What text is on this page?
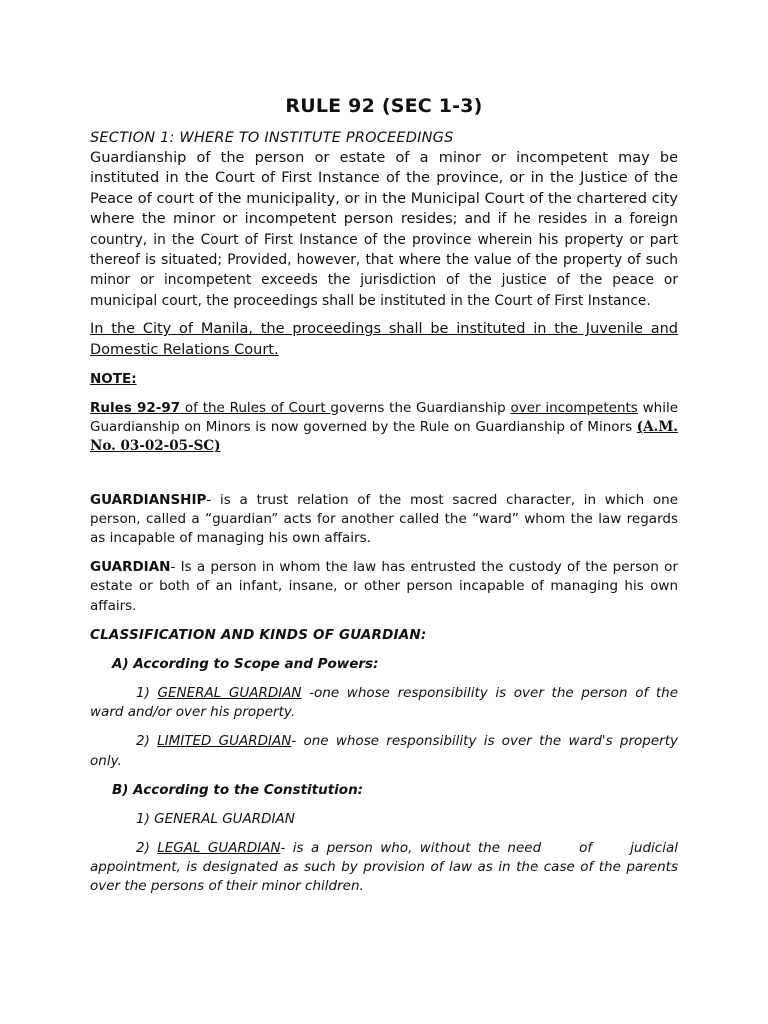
RULE 92 (SEC 1-3)

SECTION 1: WHERE TO INSTITUTE PROCEEDINGS

Guardianship of the person or estate of a minor or incompetent may be instituted in the Court of First Instance of the province, or in the Justice of the Peace of court of the municipality, or in the Municipal Court of the chartered city where the minor or incompetent person resides; and if he resides in a foreign country, in the Court of First Instance of the province wherein his property or part thereof is situated; Provided, however, that where the value of the property of such minor or incompetent exceeds the jurisdiction of the justice of the peace or municipal court, the proceedings shall be instituted in the Court of First Instance.

In the City of Manila, the proceedings shall be instituted in the Juvenile and Domestic Relations Court.

NOTE:

Rules 92-97 of the Rules of Court governs the Guardianship over incompetents while Guardianship on Minors is now governed by the Rule on Guardianship of Minors (A.M. No. 03-02-05-SC)

GUARDIANSHIP- is a trust relation of the most sacred character, in which one person, called a “guardian” acts for another called the “ward” whom the law regards as incapable of managing his own affairs.

GUARDIAN- Is a person in whom the law has entrusted the custody of the person or estate or both of an infant, insane, or other person incapable of managing his own affairs.

CLASSIFICATION AND KINDS OF GUARDIAN:

A) According to Scope and Powers:

1) GENERAL GUARDIAN -one whose responsibility is over the person of the ward and/or over his property.

2) LIMITED GUARDIAN- one whose responsibility is over the ward's property only.

B) According to the Constitution:

1) GENERAL GUARDIAN

2) LEGAL GUARDIAN- is a person who, without the need	of	judicial appointment, is designated as such by provision of law as in the case of the parents over the persons of their minor children.
